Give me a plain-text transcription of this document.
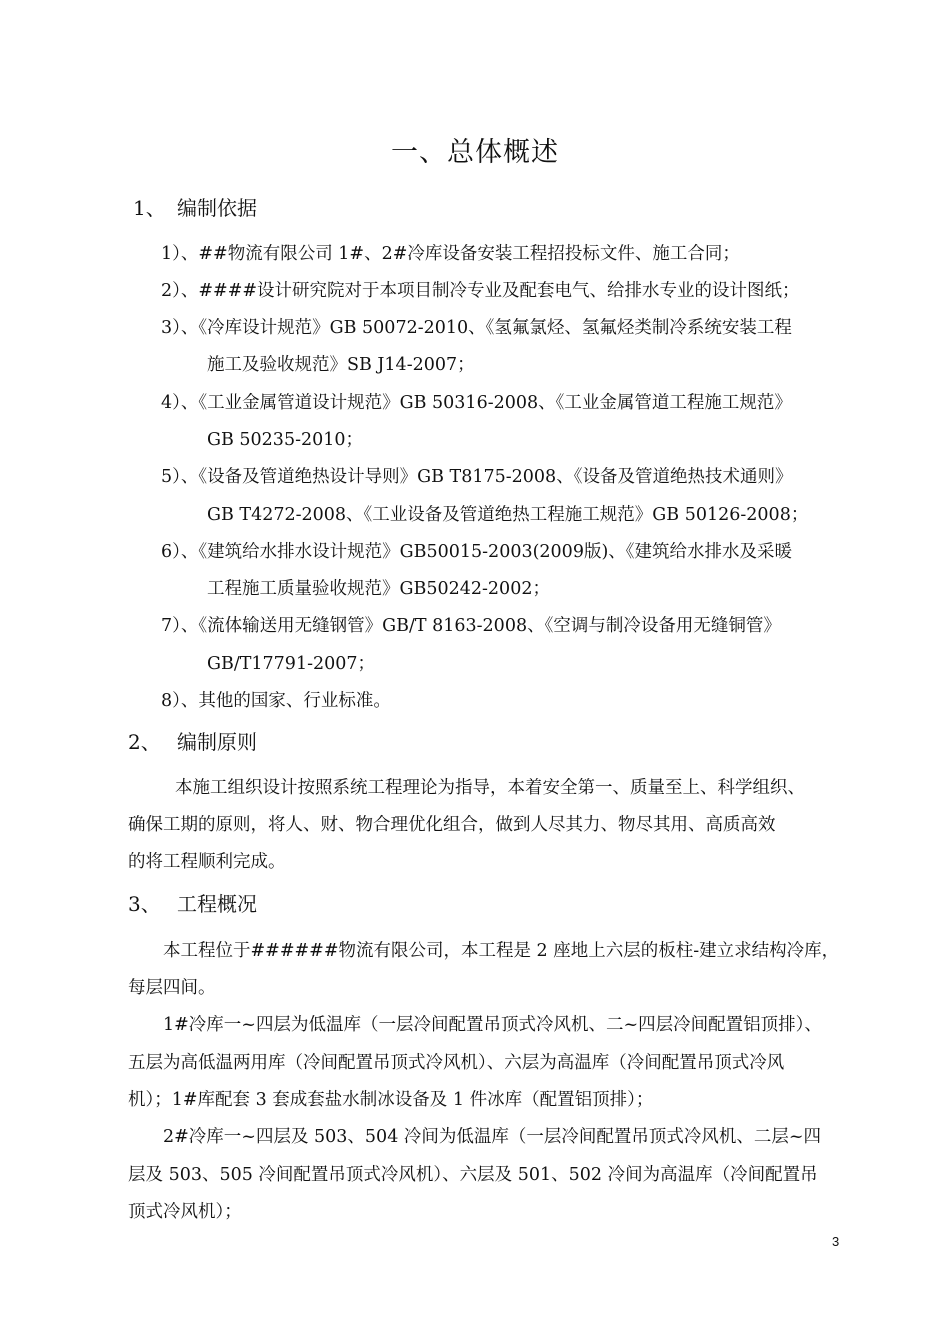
一、总体概述
1、 编制依据
1）、##物流有限公司 1#、2#冷库设备安装工程招投标文件、施工合同；
2）、####设计研究院对于本项目制冷专业及配套电气、给排水专业的设计图纸；
3）、《冷库设计规范》GB 50072-2010、《氢氟氯烃、氢氟烃类制冷系统安装工程
施工及验收规范》SB J14-2007；
4）、《工业金属管道设计规范》GB 50316-2008、《工业金属管道工程施工规范》
GB 50235-2010；
5）、《设备及管道绝热设计导则》GB T8175-2008、《设备及管道绝热技术通则》
GB T4272-2008、《工业设备及管道绝热工程施工规范》GB 50126-2008；
6）、《建筑给水排水设计规范》GB50015-2003(2009版)、《建筑给水排水及采暖
工程施工质量验收规范》GB50242-2002；
7）、《流体输送用无缝钢管》GB/T 8163-2008、《空调与制冷设备用无缝铜管》
GB/T17791-2007；
8）、其他的国家、行业标准。
2、 编制原则
本施工组织设计按照系统工程理论为指导，本着安全第一、质量至上、科学组织、
确保工期的原则，将人、财、物合理优化组合，做到人尽其力、物尽其用、高质高效
的将工程顺利完成。
3、 工程概况
本工程位于######物流有限公司，本工程是 2 座地上六层的板柱-建立求结构冷库，
每层四间。
1#冷库一~四层为低温库（一层冷间配置吊顶式冷风机、二~四层冷间配置铝顶排）、
五层为高低温两用库（冷间配置吊顶式冷风机）、六层为高温库（冷间配置吊顶式冷风
机）；1#库配套 3 套成套盐水制冰设备及 1 件冰库（配置铝顶排）；
2#冷库一~四层及 503、504 冷间为低温库（一层冷间配置吊顶式冷风机、二层~四
层及 503、505 冷间配置吊顶式冷风机）、六层及 501、502 冷间为高温库（冷间配置吊
顶式冷风机）；
3
